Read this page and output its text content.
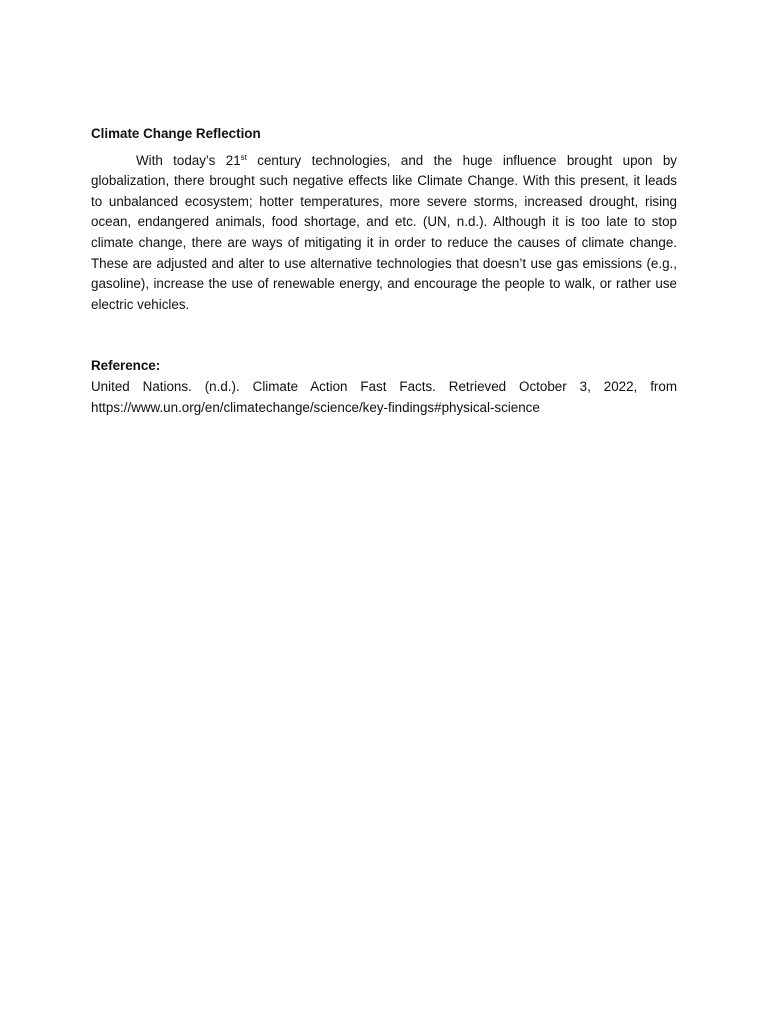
Climate Change Reflection

With today’s 21st century technologies, and the huge influence brought upon by globalization, there brought such negative effects like Climate Change. With this present, it leads to unbalanced ecosystem; hotter temperatures, more severe storms, increased drought, rising ocean, endangered animals, food shortage, and etc. (UN, n.d.). Although it is too late to stop climate change, there are ways of mitigating it in order to reduce the causes of climate change. These are adjusted and alter to use alternative technologies that doesn’t use gas emissions (e.g., gasoline), increase the use of renewable energy, and encourage the people to walk, or rather use electric vehicles.

Reference:

United Nations. (n.d.). Climate Action Fast Facts. Retrieved October 3, 2022, from https://www.un.org/en/climatechange/science/key-findings#physical-science
